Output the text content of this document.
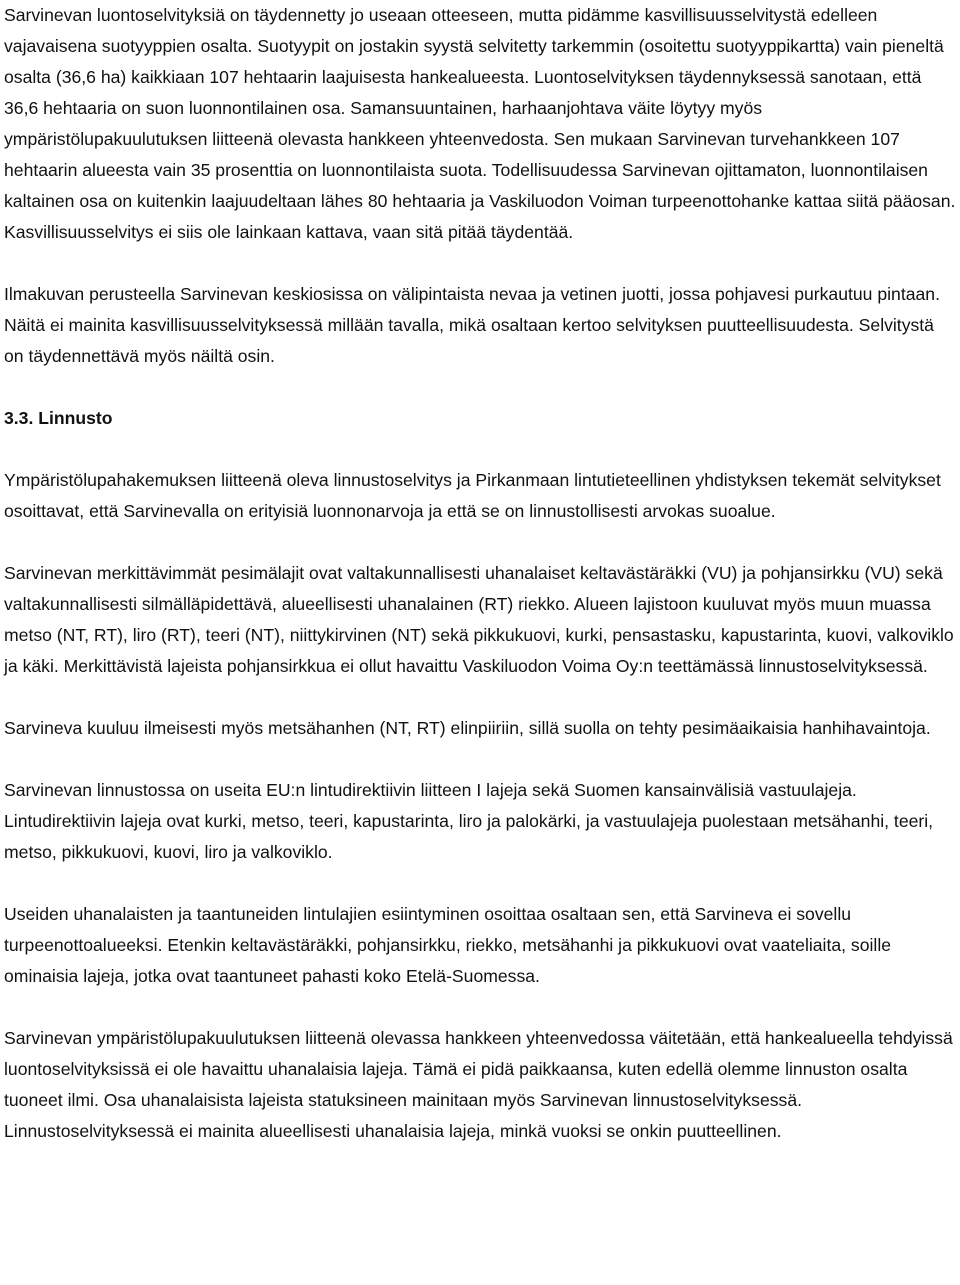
Sarvinevan luontoselvityksiä on täydennetty jo useaan otteeseen, mutta pidämme kasvillisuusselvitystä edelleen vajavaisena suotyyppien osalta. Suotyypit on jostakin syystä selvitetty tarkemmin (osoitettu suotyyppikartta) vain pieneltä osalta (36,6 ha) kaikkiaan 107 hehtaarin laajuisesta hankealueesta. Luontoselvityksen täydennyksessä sanotaan, että 36,6 hehtaaria on suon luonnontilainen osa. Samansuuntainen, harhaanjohtava väite löytyy myös ympäristölupakuulutuksen liitteenä olevasta hankkeen yhteenvedosta. Sen mukaan Sarvinevan turvehankkeen 107 hehtaarin alueesta vain 35 prosenttia on luonnontilaista suota. Todellisuudessa Sarvinevan ojittamaton, luonnontilaisen kaltainen osa on kuitenkin laajuudeltaan lähes 80 hehtaaria ja Vaskiluodon Voiman turpeenottohanke kattaa siitä pääosan. Kasvillisuusselvitys ei siis ole lainkaan kattava, vaan sitä pitää täydentää.

Ilmakuvan perusteella Sarvinevan keskiosissa on välipintaista nevaa ja vetinen juotti, jossa pohjavesi purkautuu pintaan. Näitä ei mainita kasvillisuusselvityksessä millään tavalla, mikä osaltaan kertoo selvityksen puutteellisuudesta. Selvitystä on täydennettävä myös näiltä osin.

3.3. Linnusto

Ympäristölupahakemuksen liitteenä oleva linnustoselvitys ja Pirkanmaan lintutieteellinen yhdistyksen tekemät selvitykset osoittavat, että Sarvinevalla on erityisiä luonnonarvoja ja että se on linnustollisesti arvokas suoalue.

Sarvinevan merkittävimmät pesimälajit ovat valtakunnallisesti uhanalaiset keltavästäräkki (VU) ja pohjansirkku (VU) sekä valtakunnallisesti silmälläpidettävä, alueellisesti uhanalainen (RT) riekko. Alueen lajistoon kuuluvat myös muun muassa metso (NT, RT), liro (RT), teeri (NT), niittykirvinen (NT) sekä pikkukuovi, kurki, pensastasku, kapustarinta, kuovi, valkoviklo ja käki. Merkittävistä lajeista pohjansirkkua ei ollut havaittu Vaskiluodon Voima Oy:n teettämässä linnustoselvityksessä.

Sarvineva kuuluu ilmeisesti myös metsähanhen (NT, RT) elinpiiriin, sillä suolla on tehty pesimäaikaisia hanhihavaintoja.

Sarvinevan linnustossa on useita EU:n lintudirektiivin liitteen I lajeja sekä Suomen kansainvälisiä vastuulajeja. Lintudirektiivin lajeja ovat kurki, metso, teeri, kapustarinta, liro ja palokärki, ja vastuulajeja puolestaan metsähanhi, teeri, metso, pikkukuovi, kuovi, liro ja valkoviklo.

Useiden uhanalaisten ja taantuneiden lintulajien esiintyminen osoittaa osaltaan sen, että Sarvineva ei sovellu turpeenottoalueeksi. Etenkin keltavästäräkki, pohjansirkku, riekko, metsähanhi ja pikkukuovi ovat vaateliaita, soille ominaisia lajeja, jotka ovat taantuneet pahasti koko Etelä-Suomessa.

Sarvinevan ympäristölupakuulutuksen liitteenä olevassa hankkeen yhteenvedossa väitetään, että hankealueella tehdyissä luontoselvityksissä ei ole havaittu uhanalaisia lajeja. Tämä ei pidä paikkaansa, kuten edellä olemme linnuston osalta tuoneet ilmi. Osa uhanalaisista lajeista statuksineen mainitaan myös Sarvinevan linnustoselvityksessä. Linnustoselvityksessä ei mainita alueellisesti uhanalaisia lajeja, minkä vuoksi se onkin puutteellinen.
